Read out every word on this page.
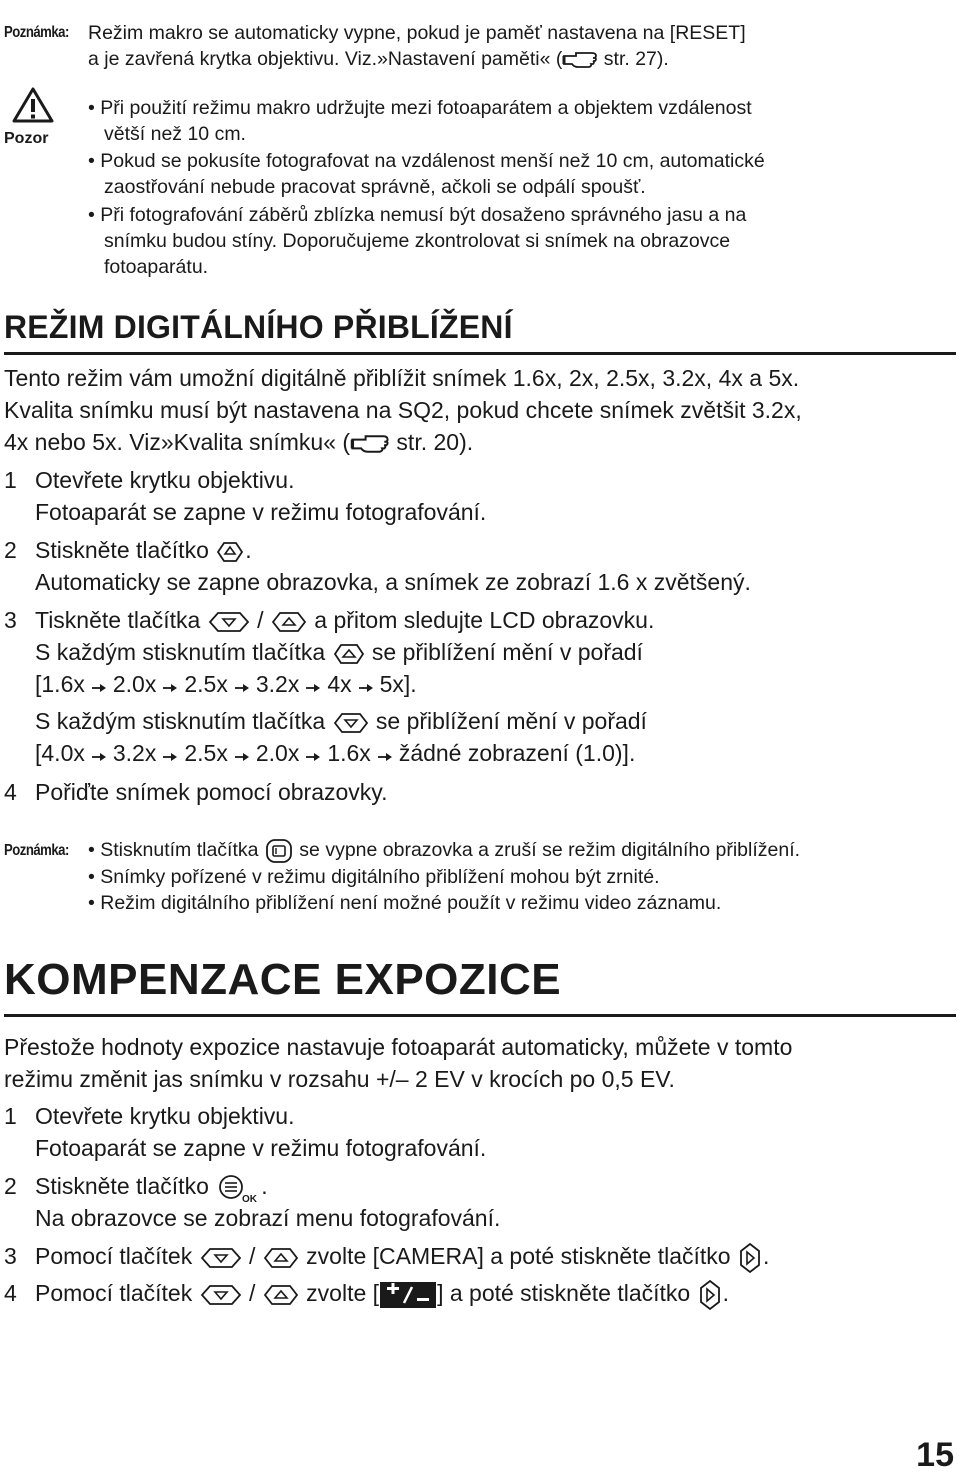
Poznámka: Režim makro se automaticky vypne, pokud je paměť nastavena na [RESET]
a je zavřená krytka objektivu. Viz.»Nastavení paměti« (
str. 27).
Pozor
• Při použití režimu makro udržujte mezi fotoaparátem a objektem vzdálenost
větší než 10 cm.
• Pokud se pokusíte fotografovat na vzdálenost menší než 10 cm, automatické
zaostřování nebude pracovat správně, ačkoli se odpálí spoušť.
• Při fotografování záběrů zblízka nemusí být dosaženo správného jasu a na
snímku budou stíny. Doporučujeme zkontrolovat si snímek na obrazovce
fotoaparátu.
REŽIM DIGITÁLNÍHO PŘIBLÍŽENÍ
Tento režim vám umožní digitálně přiblížit snímek 1.6x, 2x, 2.5x, 3.2x, 4x a 5x.
Kvalita snímku musí být nastavena na SQ2, pokud chcete snímek zvětšit 3.2x,
4x nebo 5x. Viz»Kvalita snímku« (
str. 20).
1 Otevřete krytku objektivu.
Fotoaparát se zapne v režimu fotografování.
2 Stiskněte tlačítko
.
Automaticky se zapne obrazovka, a snímek ze zobrazí 1.6 x zvětšený.
3 Tiskněte tlačítka
/
a přitom sledujte LCD obrazovku.
S každým stisknutím tlačítka
se přiblížení mění v pořadí
[1.6x 2.0x 2.5x 3.2x 4x 5x].
S každým stisknutím tlačítka
se přiblížení mění v pořadí
[4.0x 3.2x 2.5x 2.0x 1.6x žádné zobrazení (1.0)].
4 Pořiďte snímek pomocí obrazovky.
Poznámka: • Stisknutím tlačítka
se vypne obrazovka a zruší se režim digitálního přiblížení.
• Snímky pořízené v režimu digitálního přiblížení mohou být zrnité.
• Režim digitálního přiblížení není možné použít v režimu video záznamu.
KOMPENZACE EXPOZICE
Přestože hodnoty expozice nastavuje fotoaparát automaticky, můžete v tomto
režimu změnit jas snímku v rozsahu +/– 2 EV v krocích po 0,5 EV.
1 Otevřete krytku objektivu.
Fotoaparát se zapne v režimu fotografování.
2 Stiskněte tlačítko
OK
.
Na obrazovce se zobrazí menu fotografování.
3 Pomocí tlačítek
/
zvolte [CAMERA] a poté stiskněte tlačítko
.
4 Pomocí tlačítek
/
zvolte [	] a poté stiskněte tlačítko
.
15
